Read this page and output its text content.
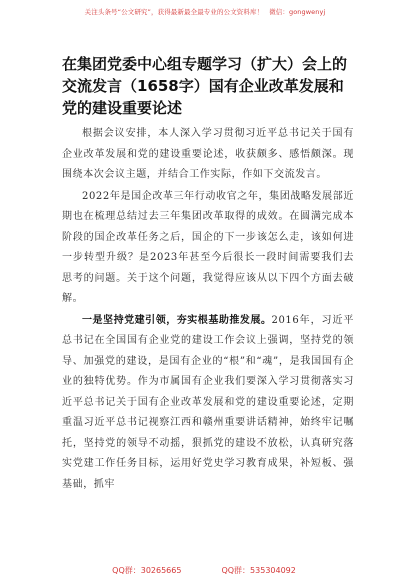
关注头条号“公文研究”，获得最新最全最专业的公文资料库！ 微信：gongwenyj
在集团党委中心组专题学习（扩大）会上的交流发言（1658字）国有企业改革发展和党的建设重要论述

根据会议安排，本人深入学习贯彻习近平总书记关于国有企业改革发展和党的建设重要论述，收获颇多、感悟颇深。现围绕本次会议主题，并结合工作实际，作如下交流发言。

2022年是国企改革三年行动收官之年，集团战略发展部近期也在梳理总结过去三年集团改革取得的成效。在圆满完成本阶段的国企改革任务之后，国企的下一步该怎么走，该如何进一步转型升级？是2023年甚至今后很长一段时间需要我们去思考的问题。关于这个问题，我觉得应该从以下四个方面去破解。

一是坚持党建引领，夯实根基助推发展。2016年，习近平总书记在全国国有企业党的建设工作会议上强调，坚持党的领导、加强党的建设，是国有企业的“根”和“魂”，是我国国有企业的独特优势。作为市属国有企业我们要深入学习贯彻落实习近平总书记关于国有企业改革发展和党的建设重要论述，定期重温习近平总书记视察江西和赣州重要讲话精神，始终牢记嘱托，坚持党的领导不动摇，狠抓党的建设不放松，认真研究落实党建工作任务目标，运用好党史学习教育成果，补短板、强基础，抓牢

QQ群：30265665	QQ群：535304092
